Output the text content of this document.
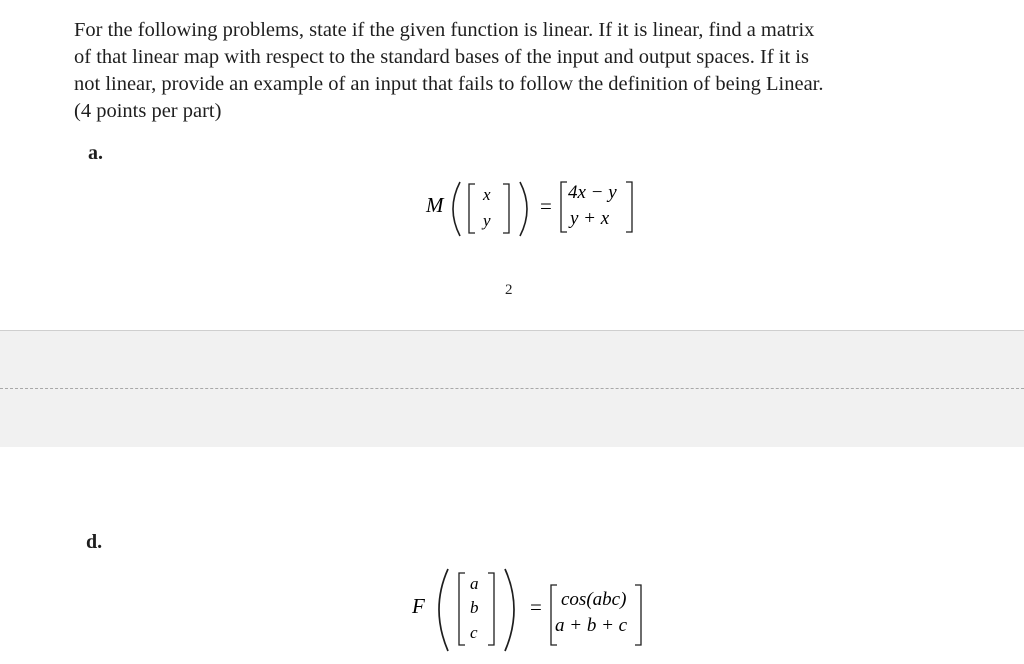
For the following problems, state if the given function is linear. If it is linear, find a matrix
of that linear map with respect to the standard bases of the input and output spaces. If it is
not linear, provide an example of an input that fails to follow the definition of being Linear.
(4 points per part)
a.
M x
y
=
4x − y
y + x
2
d.
F
a
b
c
= cos(abc)
a + b + c
